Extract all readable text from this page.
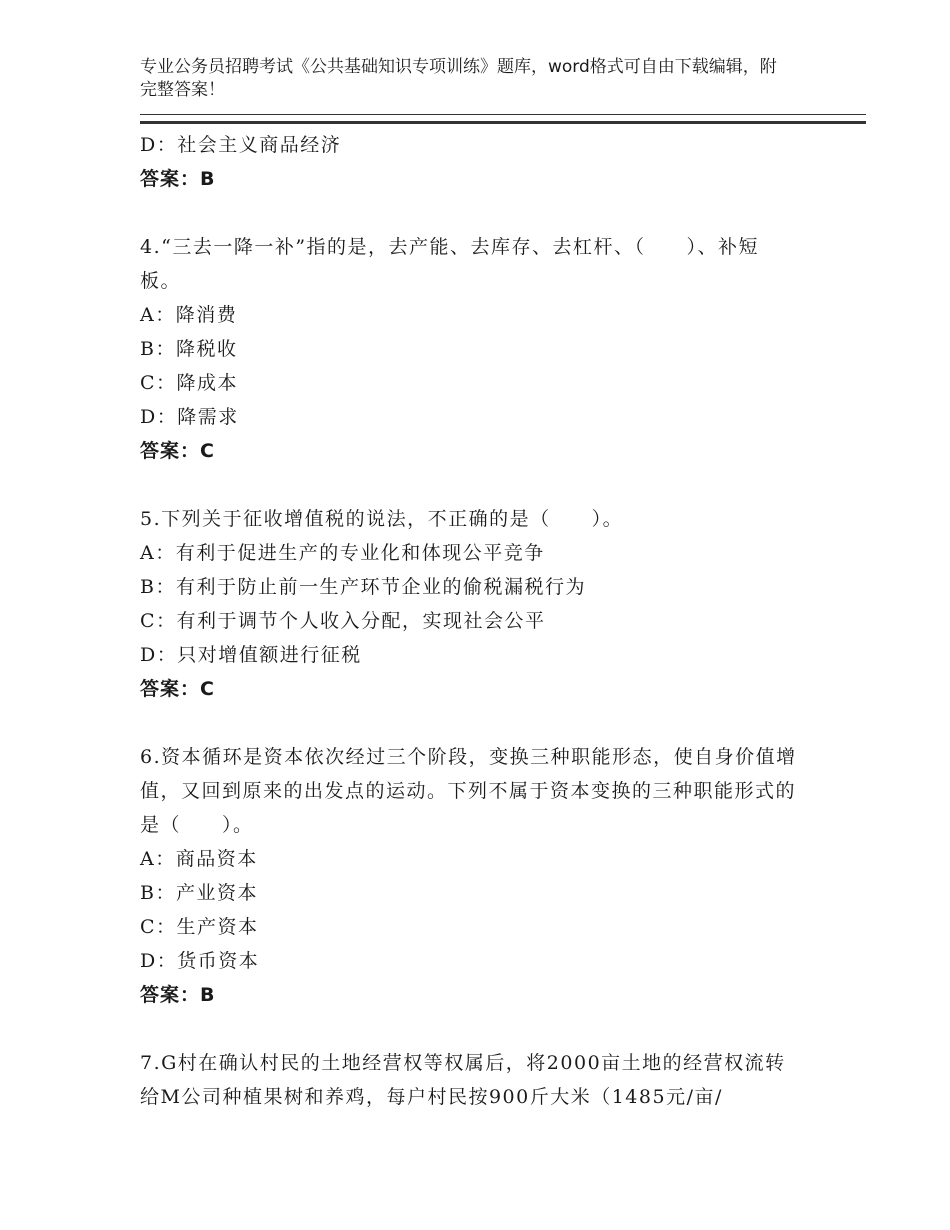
专业公务员招聘考试《公共基础知识专项训练》题库，word格式可自由下载编辑，附完整答案！

D：社会主义商品经济
答案：B
4.“三去一降一补”指的是，去产能、去库存、去杠杆、（　　）、补短板。
A：降消费
B：降税收
C：降成本
D：降需求
答案：C
5.下列关于征收增值税的说法，不正确的是（　　）。
A：有利于促进生产的专业化和体现公平竞争
B：有利于防止前一生产环节企业的偷税漏税行为
C：有利于调节个人收入分配，实现社会公平
D：只对增值额进行征税
答案：C
6.资本循环是资本依次经过三个阶段，变换三种职能形态，使自身价值增值，又回到原来的出发点的运动。下列不属于资本变换的三种职能形式的是（　　）。
A：商品资本
B：产业资本
C：生产资本
D：货币资本
答案：B
7.G村在确认村民的土地经营权等权属后，将2000亩土地的经营权流转给M公司种植果树和养鸡，每户村民按900斤大米（1485元/亩/
